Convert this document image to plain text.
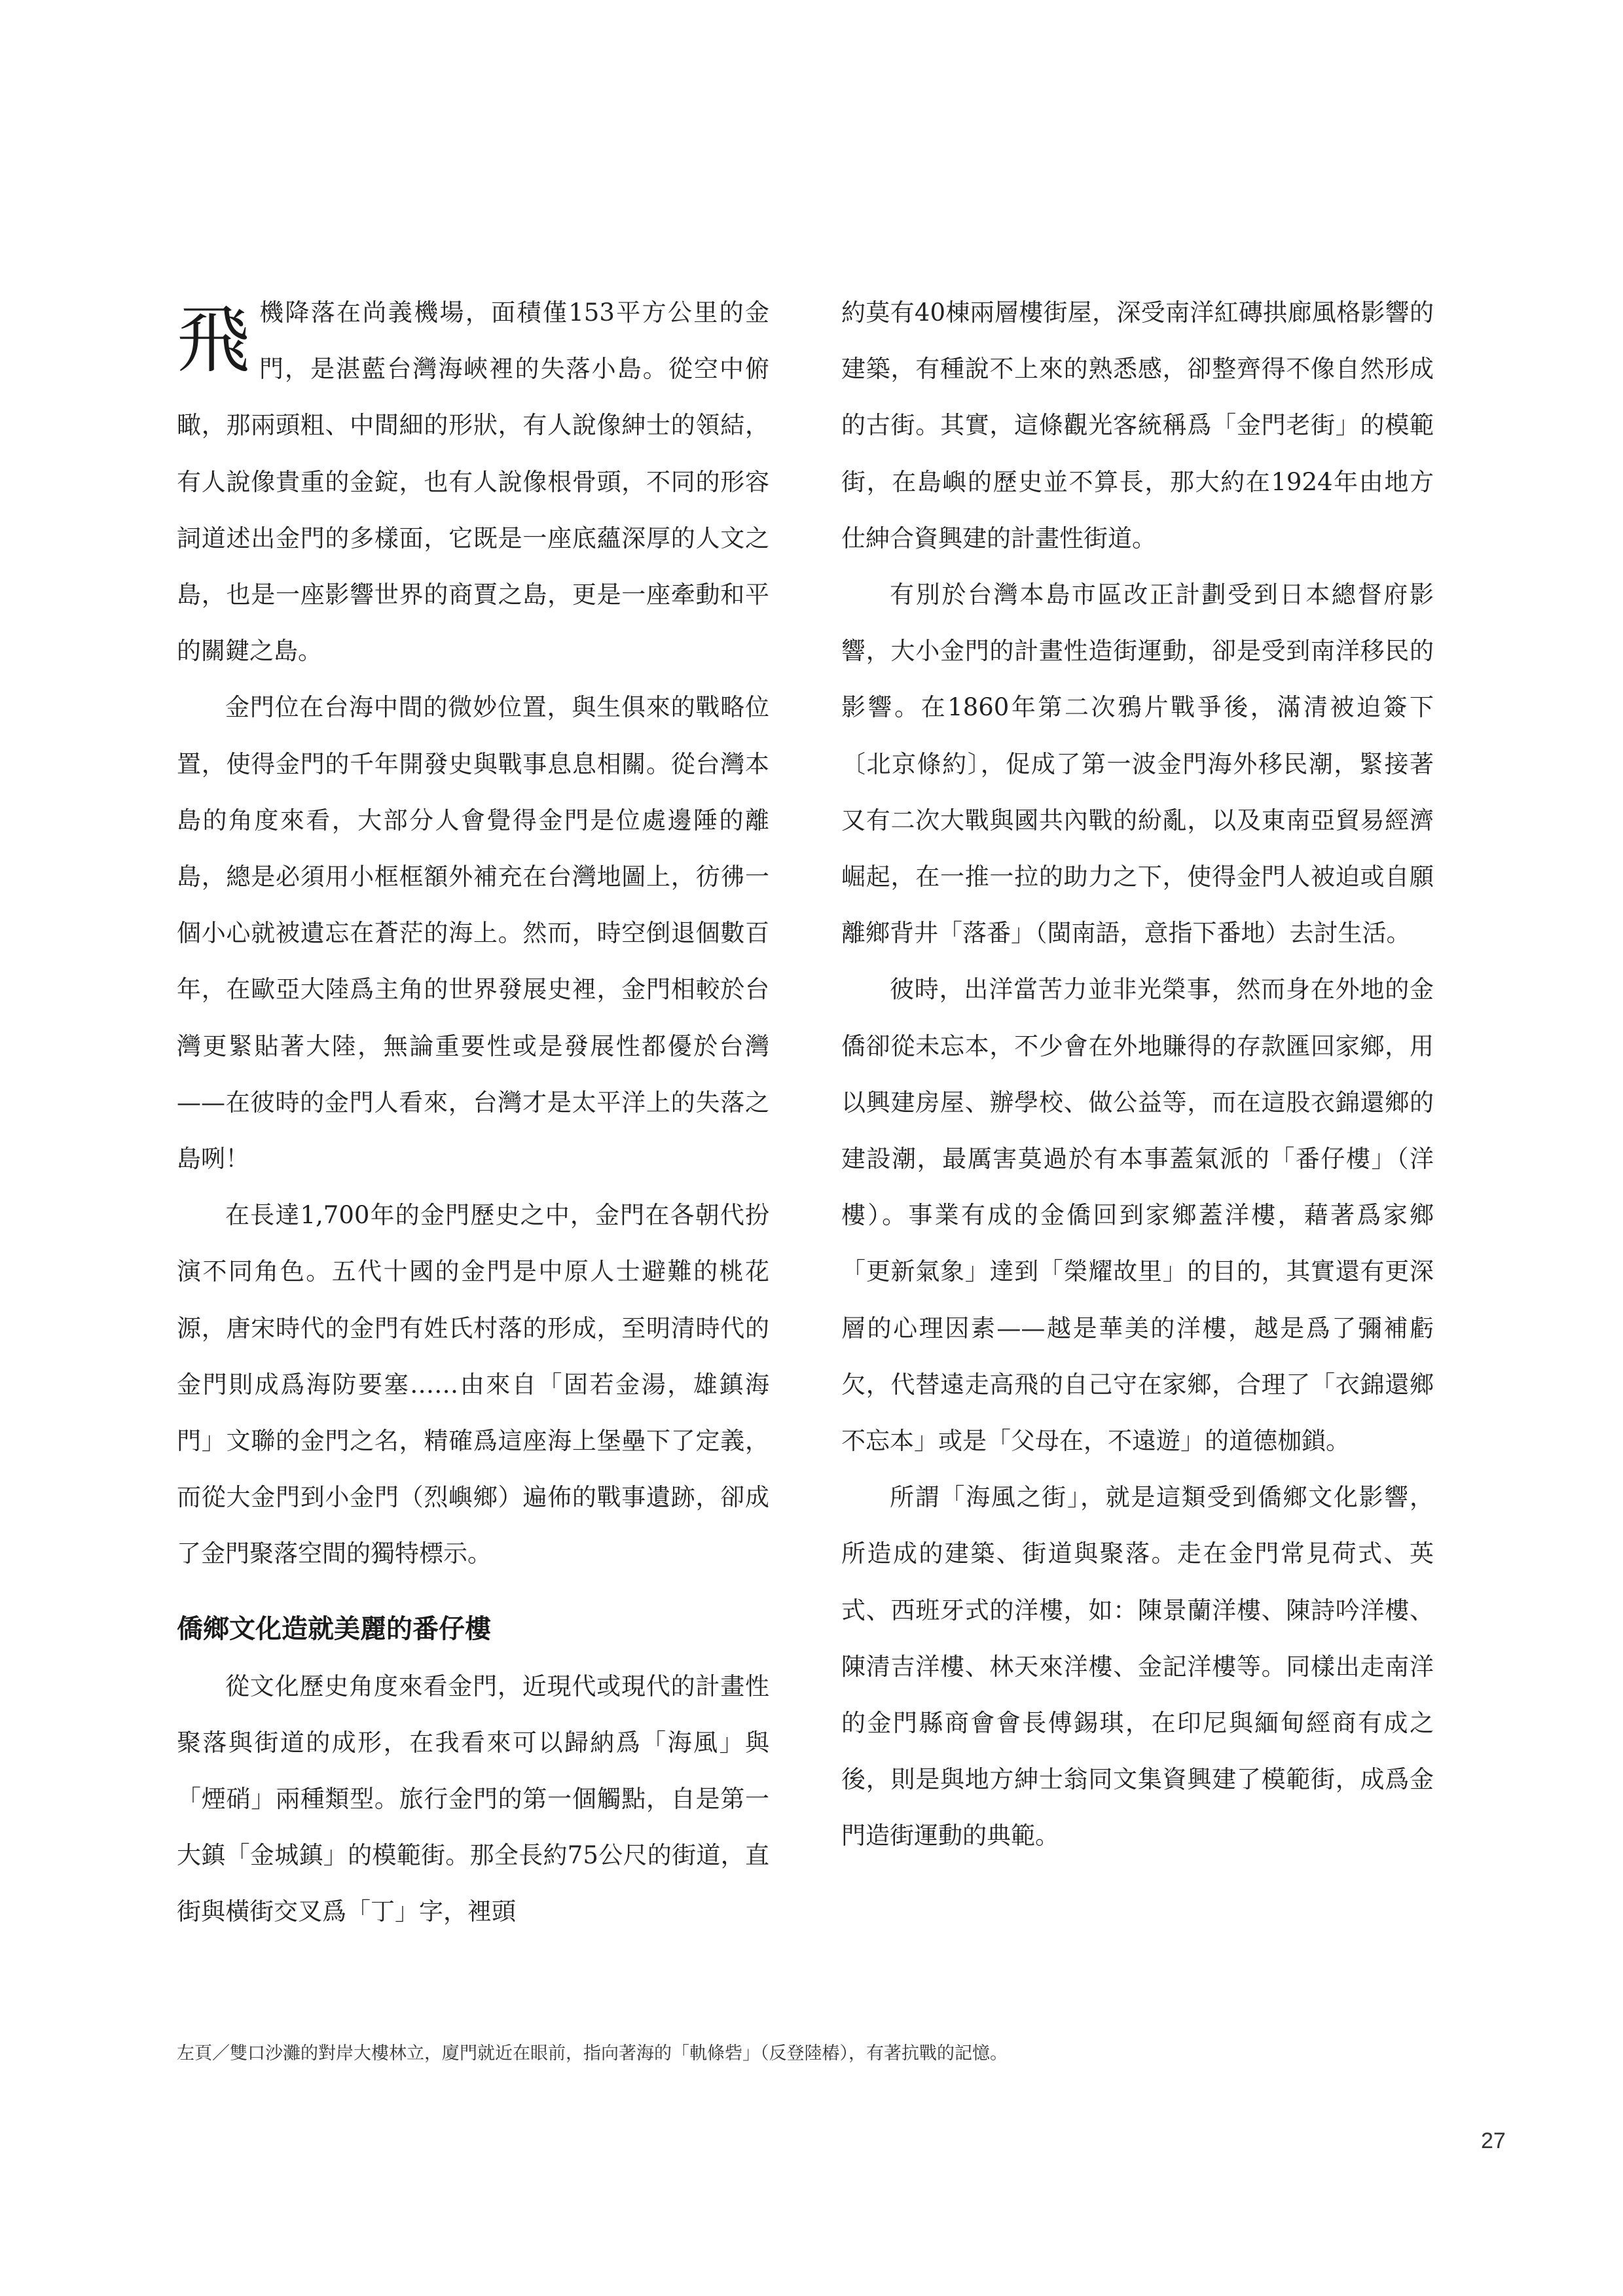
飛機降落在尚義機場，面積僅153平方公里的金門，是湛藍台灣海峽裡的失落小島。從空中俯瞰，那兩頭粗、中間細的形狀，有人說像紳士的領結，有人說像貴重的金錠，也有人說像根骨頭，不同的形容詞道述出金門的多樣面，它既是一座底蘊深厚的人文之島，也是一座影響世界的商賈之島，更是一座牽動和平的關鍵之島。

金門位在台海中間的微妙位置，與生俱來的戰略位置，使得金門的千年開發史與戰事息息相關。從台灣本島的角度來看，大部分人會覺得金門是位處邊陲的離島，總是必須用小框框額外補充在台灣地圖上，彷彿一個小心就被遺忘在蒼茫的海上。然而，時空倒退個數百年，在歐亞大陸爲主角的世界發展史裡，金門相較於台灣更緊貼著大陸，無論重要性或是發展性都優於台灣——在彼時的金門人看來，台灣才是太平洋上的失落之島咧！

在長達1,700年的金門歷史之中，金門在各朝代扮演不同角色。五代十國的金門是中原人士避難的桃花源，唐宋時代的金門有姓氏村落的形成，至明清時代的金門則成爲海防要塞……由來自「固若金湯，雄鎮海門」文聯的金門之名，精確爲這座海上堡壘下了定義，而從大金門到小金門（烈嶼鄉）遍佈的戰事遺跡，卻成了金門聚落空間的獨特標示。

僑鄉文化造就美麗的番仔樓

從文化歷史角度來看金門，近現代或現代的計畫性聚落與街道的成形，在我看來可以歸納爲「海風」與「煙硝」兩種類型。旅行金門的第一個觸點，自是第一大鎮「金城鎮」的模範街。那全長約75公尺的街道，直街與橫街交叉爲「丁」字，裡頭

約莫有40棟兩層樓街屋，深受南洋紅磚拱廊風格影響的建築，有種說不上來的熟悉感，卻整齊得不像自然形成的古街。其實，這條觀光客統稱爲「金門老街」的模範街，在島嶼的歷史並不算長，那大約在1924年由地方仕紳合資興建的計畫性街道。

有別於台灣本島市區改正計劃受到日本總督府影響，大小金門的計畫性造街運動，卻是受到南洋移民的影響。在1860年第二次鴉片戰爭後，滿清被迫簽下〔北京條約〕，促成了第一波金門海外移民潮，緊接著又有二次大戰與國共內戰的紛亂，以及東南亞貿易經濟崛起，在一推一拉的助力之下，使得金門人被迫或自願離鄉背井「落番」（閩南語，意指下番地）去討生活。

彼時，出洋當苦力並非光榮事，然而身在外地的金僑卻從未忘本，不少會在外地賺得的存款匯回家鄉，用以興建房屋、辦學校、做公益等，而在這股衣錦還鄉的建設潮，最厲害莫過於有本事蓋氣派的「番仔樓」（洋樓）。事業有成的金僑回到家鄉蓋洋樓，藉著爲家鄉「更新氣象」達到「榮耀故里」的目的，其實還有更深層的心理因素——越是華美的洋樓，越是爲了彌補虧欠，代替遠走高飛的自己守在家鄉，合理了「衣錦還鄉不忘本」或是「父母在，不遠遊」的道德枷鎖。

所謂「海風之街」，就是這類受到僑鄉文化影響，所造成的建築、街道與聚落。走在金門常見荷式、英式、西班牙式的洋樓，如：陳景蘭洋樓、陳詩吟洋樓、陳清吉洋樓、林天來洋樓、金記洋樓等。同樣出走南洋的金門縣商會會長傅錫琪，在印尼與緬甸經商有成之後，則是與地方紳士翁同文集資興建了模範街，成爲金門造街運動的典範。

左頁／雙口沙灘的對岸大樓林立，廈門就近在眼前，指向著海的「軌條砦」（反登陸樁），有著抗戰的記憶。
27
